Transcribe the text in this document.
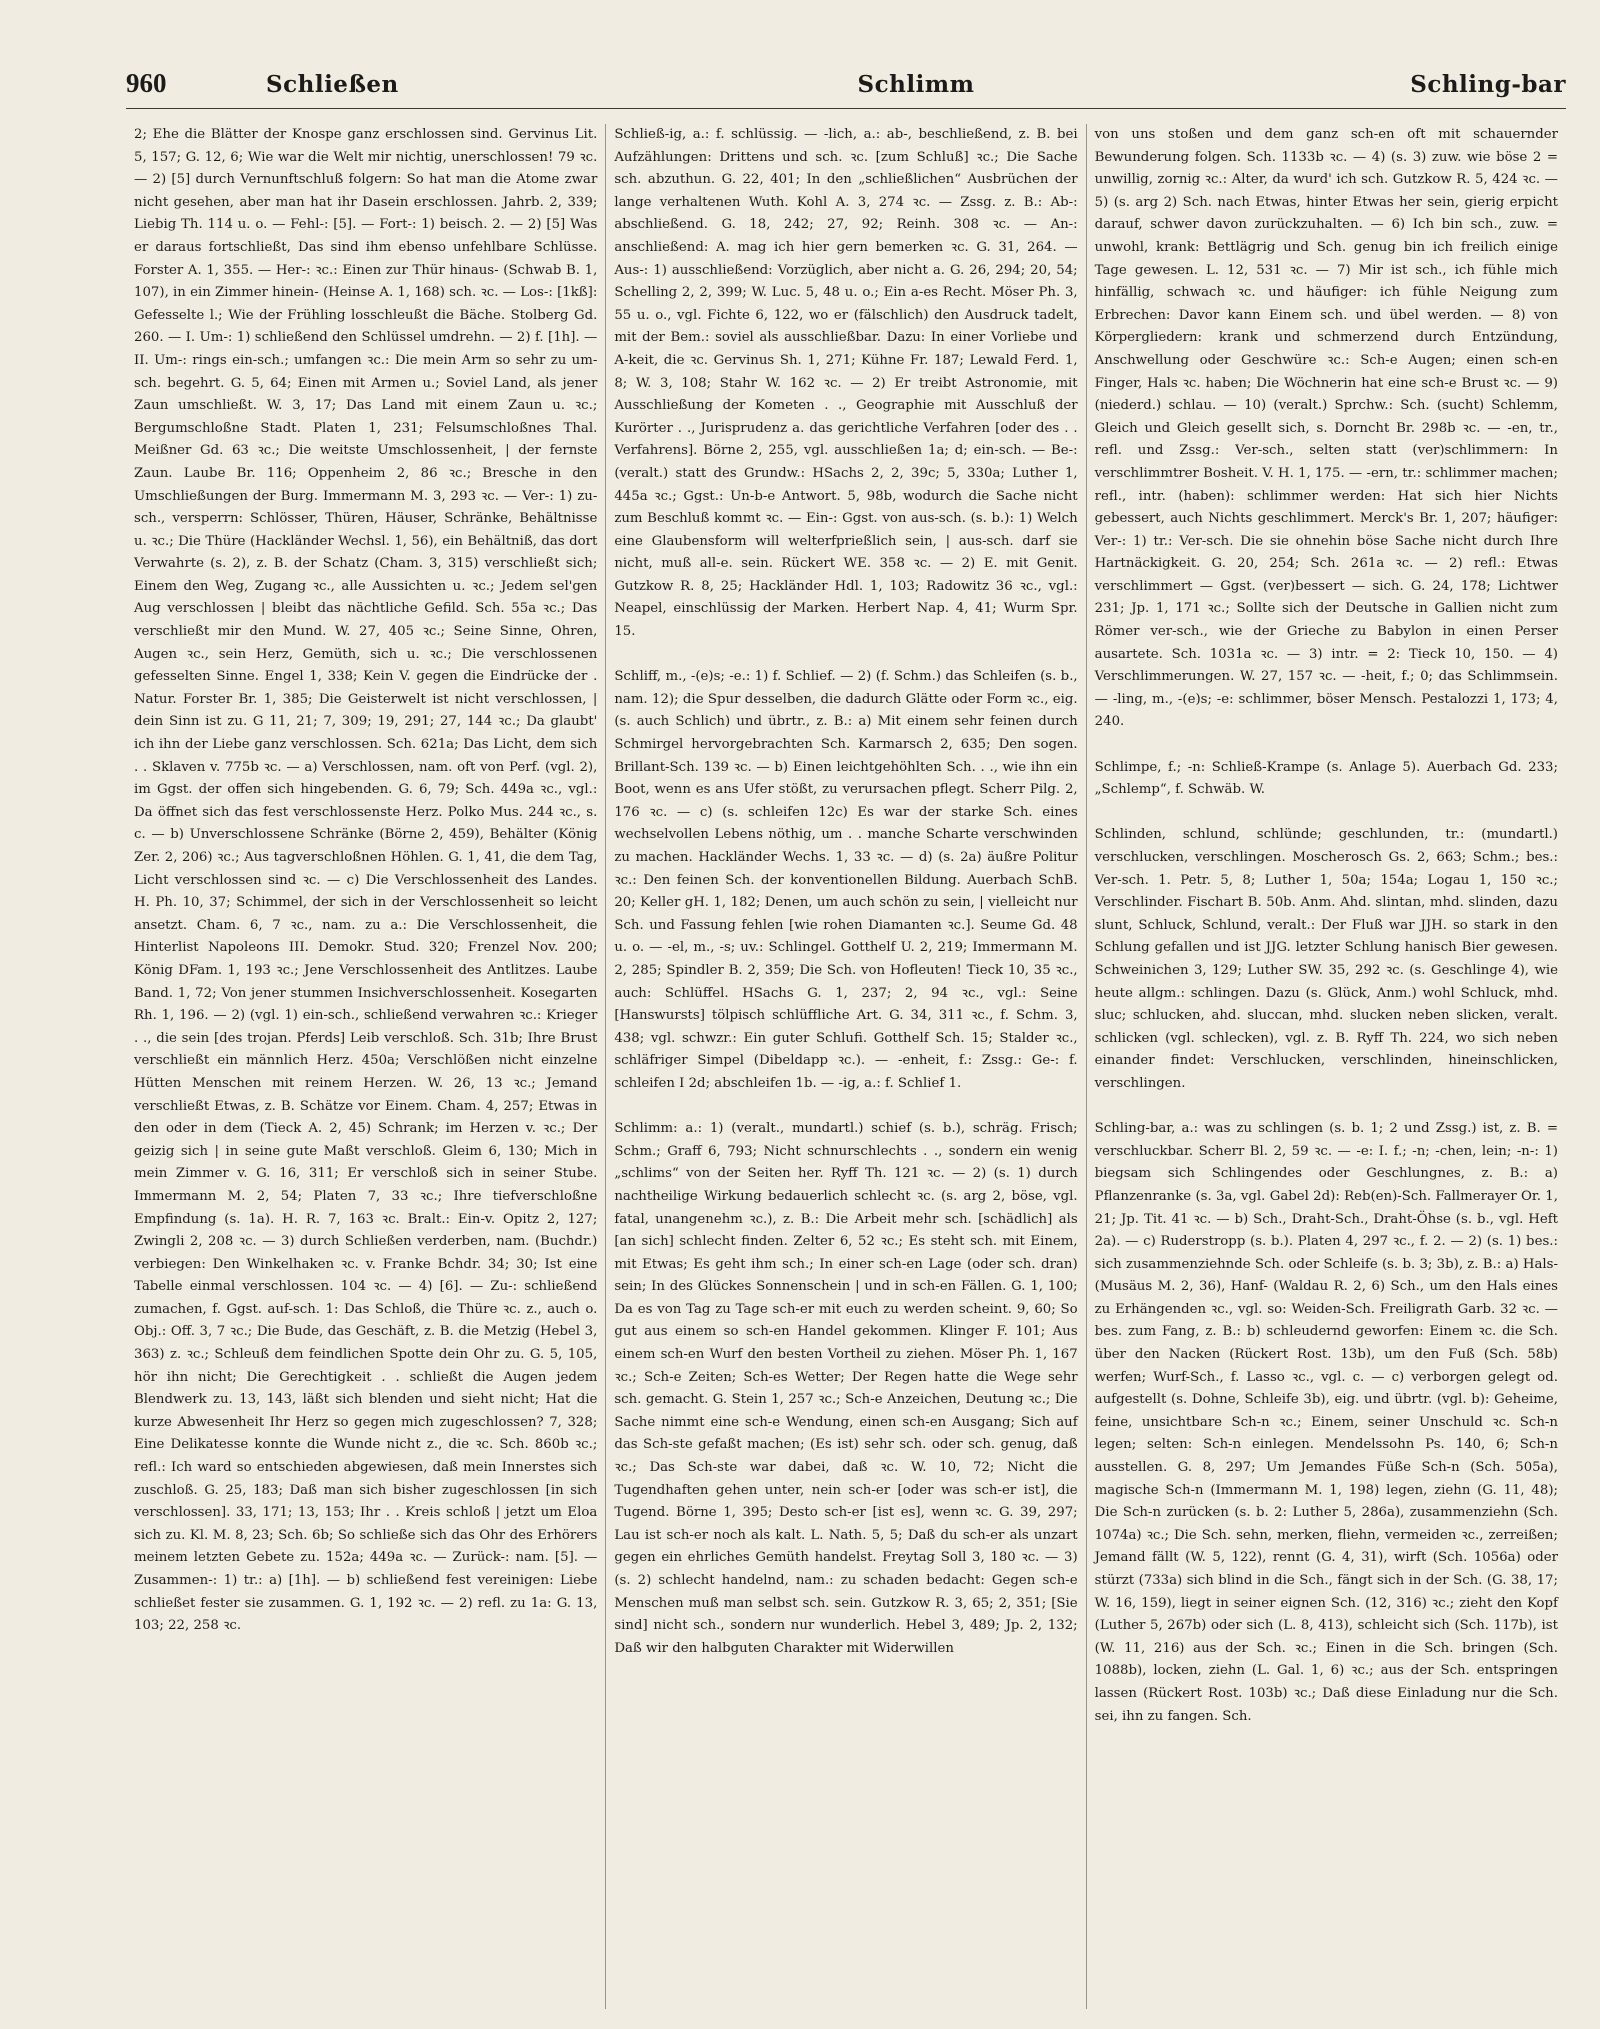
960	Schließen	Schlimm	Schling-bar

2; Ehe die Blätter der Knospe ganz erschlossen sind. Gervinus Lit. 5, 157; G. 12, 6; Wie war die Welt mir nichtig, unerschlossen! 79 ꝛc. — 2) [5] durch Vernunftschluß folgern: So hat man die Atome zwar nicht gesehen, aber man hat ihr Dasein erschlossen. Jahrb. 2, 339; Liebig Th. 114 u. o. — Fehl-: [5]. — Fort-: 1) beisch. 2. — 2) [5] Was er daraus fortschließt, Das sind ihm ebenso unfehlbare Schlüsse. Forster A. 1, 355. — Her-: ꝛc.: Einen zur Thür hinaus- (Schwab B. 1, 107), in ein Zimmer hinein- (Heinse A. 1, 168) sch. ꝛc. — Los-: [1kß]: Gefesselte l.; Wie der Frühling losschleußt die Bäche. Stolberg Gd. 260. — I. Um-: 1) schließend den Schlüssel umdrehn. — 2) f. [1h]. — II. Um-: rings ein-sch.; umfangen ꝛc.: Die mein Arm so sehr zu um-sch. begehrt. G. 5, 64; Einen mit Armen u.; Soviel Land, als jener Zaun umschließt. W. 3, 17; Das Land mit einem Zaun u. ꝛc.; Bergumschloßne Stadt. Platen 1, 231; Felsumschloßnes Thal. Meißner Gd. 63 ꝛc.; Die weitste Umschlossenheit, | der fernste Zaun. Laube Br. 116; Oppenheim 2, 86 ꝛc.; Bresche in den Umschließungen der Burg. Immermann M. 3, 293 ꝛc. — Ver-: 1) zu-sch., versperrn: Schlösser, Thüren, Häuser, Schränke, Behältnisse u. ꝛc.; Die Thüre (Hackländer Wechsl. 1, 56), ein Behältniß, das dort Verwahrte (s. 2), z. B. der Schatz (Cham. 3, 315) verschließt sich; Einem den Weg, Zugang ꝛc., alle Aussichten u. ꝛc.; Jedem sel'gen Aug verschlossen | bleibt das nächtliche Gefild. Sch. 55a ꝛc.; Das verschließt mir den Mund. W. 27, 405 ꝛc.; Seine Sinne, Ohren, Augen ꝛc., sein Herz, Gemüth, sich u. ꝛc.; Die verschlossenen gefesselten Sinne. Engel 1, 338; Kein V. gegen die Eindrücke der . Natur. Forster Br. 1, 385; Die Geisterwelt ist nicht verschlossen, | dein Sinn ist zu. G 11, 21; 7, 309; 19, 291; 27, 144 ꝛc.; Da glaubt' ich ihn der Liebe ganz verschlossen. Sch. 621a; Das Licht, dem sich . . Sklaven v. 775b ꝛc. — a) Verschlossen, nam. oft von Perf. (vgl. 2), im Ggst. der offen sich hingebenden. G. 6, 79; Sch. 449a ꝛc., vgl.: Da öffnet sich das fest verschlossenste Herz. Polko Mus. 244 ꝛc., s. c. — b) Unverschlossene Schränke (Börne 2, 459), Behälter (König Zer. 2, 206) ꝛc.; Aus tagverschloßnen Höhlen. G. 1, 41, die dem Tag, Licht verschlossen sind ꝛc. — c) Die Verschlossenheit des Landes. H. Ph. 10, 37; Schimmel, der sich in der Verschlossenheit so leicht ansetzt. Cham. 6, 7 ꝛc., nam. zu a.: Die Verschlossenheit, die Hinterlist Napoleons III. Demokr. Stud. 320; Frenzel Nov. 200; König DFam. 1, 193 ꝛc.; Jene Verschlossenheit des Antlitzes. Laube Band. 1, 72; Von jener stummen Insichverschlossenheit. Kosegarten Rh. 1, 196. — 2) (vgl. 1) ein-sch., schließend verwahren ꝛc.: Krieger . ., die sein [des trojan. Pferds] Leib verschloß. Sch. 31b; Ihre Brust verschließt ein männlich Herz. 450a; Verschlößen nicht einzelne Hütten Menschen mit reinem Herzen. W. 26, 13 ꝛc.; Jemand verschließt Etwas, z. B. Schätze vor Einem. Cham. 4, 257; Etwas in den oder in dem (Tieck A. 2, 45) Schrank; im Herzen v. ꝛc.; Der geizig sich | in seine gute Maßt verschloß. Gleim 6, 130; Mich in mein Zimmer v. G. 16, 311; Er verschloß sich in seiner Stube. Immermann M. 2, 54; Platen 7, 33 ꝛc.; Ihre tiefverschloßne Empfindung (s. 1a). H. R. 7, 163 ꝛc. Bralt.: Ein-v. Opitz 2, 127; Zwingli 2, 208 ꝛc. — 3) durch Schließen verderben, nam. (Buchdr.) verbiegen: Den Winkelhaken ꝛc. v. Franke Bchdr. 34; 30; Ist eine Tabelle einmal verschlossen. 104 ꝛc. — 4) [6]. — Zu-: schließend zumachen, f. Ggst. auf-sch. 1: Das Schloß, die Thüre ꝛc. z., auch o. Obj.: Off. 3, 7 ꝛc.; Die Bude, das Geschäft, z. B. die Metzig (Hebel 3, 363) z. ꝛc.; Schleuß dem feindlichen Spotte dein Ohr zu. G. 5, 105, hör ihn nicht; Die Gerechtigkeit . . schließt die Augen jedem Blendwerk zu. 13, 143, läßt sich blenden und sieht nicht; Hat die kurze Abwesenheit Ihr Herz so gegen mich zugeschlossen? 7, 328; Eine Delikatesse konnte die Wunde nicht z., die ꝛc. Sch. 860b ꝛc.; refl.: Ich ward so entschieden abgewiesen, daß mein Innerstes sich zuschloß. G. 25, 183; Daß man sich bisher zugeschlossen [in sich verschlossen]. 33, 171; 13, 153; Ihr . . Kreis schloß | jetzt um Eloa sich zu. Kl. M. 8, 23; Sch. 6b; So schließe sich das Ohr des Erhörers meinem letzten Gebete zu. 152a; 449a ꝛc. — Zurück-: nam. [5]. — Zusammen-: 1) tr.: a) [1h]. — b) schließend fest vereinigen: Liebe schließet fester sie zusammen. G. 1, 192 ꝛc. — 2) refl. zu 1a: G. 13, 103; 22, 258 ꝛc.

Schließ-ig, a.: f. schlüssig. — -lich, a.: ab-, beschließend, z. B. bei Aufzählungen: Drittens und sch. ꝛc. [zum Schluß] ꝛc.; Die Sache sch. abzuthun. G. 22, 401; In den „schließlichen“ Ausbrüchen der lange verhaltenen Wuth. Kohl A. 3, 274 ꝛc. — Zssg. z. B.: Ab-: abschließend. G. 18, 242; 27, 92; Reinh. 308 ꝛc. — An-: anschließend: A. mag ich hier gern bemerken ꝛc. G. 31, 264. — Aus-: 1) ausschließend: Vorzüglich, aber nicht a. G. 26, 294; 20, 54; Schelling 2, 2, 399; W. Luc. 5, 48 u. o.; Ein a-es Recht. Möser Ph. 3, 55 u. o., vgl. Fichte 6, 122, wo er (fälschlich) den Ausdruck tadelt, mit der Bem.: soviel als ausschließbar. Dazu: In einer Vorliebe und A-keit, die ꝛc. Gervinus Sh. 1, 271; Kühne Fr. 187; Lewald Ferd. 1, 8; W. 3, 108; Stahr W. 162 ꝛc. — 2) Er treibt Astronomie, mit Ausschließung der Kometen . ., Geographie mit Ausschluß der Kurörter . ., Jurisprudenz a. das gerichtliche Verfahren [oder des . . Verfahrens]. Börne 2, 255, vgl. ausschließen 1a; d; ein-sch. — Be-: (veralt.) statt des Grundw.: HSachs 2, 2, 39c; 5, 330a; Luther 1, 445a ꝛc.; Ggst.: Un-b-e Antwort. 5, 98b, wodurch die Sache nicht zum Beschluß kommt ꝛc. — Ein-: Ggst. von aus-sch. (s. b.): 1) Welch eine Glaubensform will welterfprießlich sein, | aus-sch. darf sie nicht, muß all-e. sein. Rückert WE. 358 ꝛc. — 2) E. mit Genit. Gutzkow R. 8, 25; Hackländer Hdl. 1, 103; Radowitz 36 ꝛc., vgl.: Neapel, einschlüssig der Marken. Herbert Nap. 4, 41; Wurm Spr. 15.

Schliff, m., -(e)s; -e.: 1) f. Schlief. — 2) (f. Schm.) das Schleifen (s. b., nam. 12); die Spur desselben, die dadurch Glätte oder Form ꝛc., eig. (s. auch Schlich) und übrtr., z. B.: a) Mit einem sehr feinen durch Schmirgel hervorgebrachten Sch. Karmarsch 2, 635; Den sogen. Brillant-Sch. 139 ꝛc. — b) Einen leichtgehöhlten Sch. . ., wie ihn ein Boot, wenn es ans Ufer stößt, zu verursachen pflegt. Scherr Pilg. 2, 176 ꝛc. — c) (s. schleifen 12c) Es war der starke Sch. eines wechselvollen Lebens nöthig, um . . manche Scharte verschwinden zu machen. Hackländer Wechs. 1, 33 ꝛc. — d) (s. 2a) äußre Politur ꝛc.: Den feinen Sch. der konventionellen Bildung. Auerbach SchB. 20; Keller gH. 1, 182; Denen, um auch schön zu sein, | vielleicht nur Sch. und Fassung fehlen [wie rohen Diamanten ꝛc.]. Seume Gd. 48 u. o. — -el, m., -s; uv.: Schlingel. Gotthelf U. 2, 219; Immermann M. 2, 285; Spindler B. 2, 359; Die Sch. von Hofleuten! Tieck 10, 35 ꝛc., auch: Schlüffel. HSachs G. 1, 237; 2, 94 ꝛc., vgl.: Seine [Hanswursts] tölpisch schlüffliche Art. G. 34, 311 ꝛc., f. Schm. 3, 438; vgl. schwzr.: Ein guter Schlufi. Gotthelf Sch. 15; Stalder ꝛc., schläfriger Simpel (Dibeldapp ꝛc.). — -enheit, f.: Zssg.: Ge-: f. schleifen I 2d; abschleifen 1b. — -ig, a.: f. Schlief 1.

Schlimm: a.: 1) (veralt., mundartl.) schief (s. b.), schräg. Frisch; Schm.; Graff 6, 793; Nicht schnurschlechts . ., sondern ein wenig „schlims“ von der Seiten her. Ryff Th. 121 ꝛc. — 2) (s. 1) durch nachtheilige Wirkung bedauerlich schlecht ꝛc. (s. arg 2, böse, vgl. fatal, unangenehm ꝛc.), z. B.: Die Arbeit mehr sch. [schädlich] als [an sich] schlecht finden. Zelter 6, 52 ꝛc.; Es steht sch. mit Einem, mit Etwas; Es geht ihm sch.; In einer sch-en Lage (oder sch. dran) sein; In des Glückes Sonnenschein | und in sch-en Fällen. G. 1, 100; Da es von Tag zu Tage sch-er mit euch zu werden scheint. 9, 60; So gut aus einem so sch-en Handel gekommen. Klinger F. 101; Aus einem sch-en Wurf den besten Vortheil zu ziehen. Möser Ph. 1, 167 ꝛc.; Sch-e Zeiten; Sch-es Wetter; Der Regen hatte die Wege sehr sch. gemacht. G. Stein 1, 257 ꝛc.; Sch-e Anzeichen, Deutung ꝛc.; Die Sache nimmt eine sch-e Wendung, einen sch-en Ausgang; Sich auf das Sch-ste gefaßt machen; (Es ist) sehr sch. oder sch. genug, daß ꝛc.; Das Sch-ste war dabei, daß ꝛc. W. 10, 72; Nicht die Tugendhaften gehen unter, nein sch-er [oder was sch-er ist], die Tugend. Börne 1, 395; Desto sch-er [ist es], wenn ꝛc. G. 39, 297; Lau ist sch-er noch als kalt. L. Nath. 5, 5; Daß du sch-er als unzart gegen ein ehrliches Gemüth handelst. Freytag Soll 3, 180 ꝛc. — 3) (s. 2) schlecht handelnd, nam.: zu schaden bedacht: Gegen sch-e Menschen muß man selbst sch. sein. Gutzkow R. 3, 65; 2, 351; [Sie sind] nicht sch., sondern nur wunderlich. Hebel 3, 489; Jp. 2, 132; Daß wir den halbguten Charakter mit Widerwillen

von uns stoßen und dem ganz sch-en oft mit schauernder Bewunderung folgen. Sch. 1133b ꝛc. — 4) (s. 3) zuw. wie böse 2 = unwillig, zornig ꝛc.: Alter, da wurd' ich sch. Gutzkow R. 5, 424 ꝛc. — 5) (s. arg 2) Sch. nach Etwas, hinter Etwas her sein, gierig erpicht darauf, schwer davon zurückzuhalten. — 6) Ich bin sch., zuw. = unwohl, krank: Bettlägrig und Sch. genug bin ich freilich einige Tage gewesen. L. 12, 531 ꝛc. — 7) Mir ist sch., ich fühle mich hinfällig, schwach ꝛc. und häufiger: ich fühle Neigung zum Erbrechen: Davor kann Einem sch. und übel werden. — 8) von Körpergliedern: krank und schmerzend durch Entzündung, Anschwellung oder Geschwüre ꝛc.: Sch-e Augen; einen sch-en Finger, Hals ꝛc. haben; Die Wöchnerin hat eine sch-e Brust ꝛc. — 9) (niederd.) schlau. — 10) (veralt.) Sprchw.: Sch. (sucht) Schlemm, Gleich und Gleich gesellt sich, s. Dorncht Br. 298b ꝛc. — -en, tr., refl. und Zssg.: Ver-sch., selten statt (ver)schlimmern: In verschlimmtrer Bosheit. V. H. 1, 175. — -ern, tr.: schlimmer machen; refl., intr. (haben): schlimmer werden: Hat sich hier Nichts gebessert, auch Nichts geschlimmert. Merck's Br. 1, 207; häufiger: Ver-: 1) tr.: Ver-sch. Die sie ohnehin böse Sache nicht durch Ihre Hartnäckigkeit. G. 20, 254; Sch. 261a ꝛc. — 2) refl.: Etwas verschlimmert — Ggst. (ver)bessert — sich. G. 24, 178; Lichtwer 231; Jp. 1, 171 ꝛc.; Sollte sich der Deutsche in Gallien nicht zum Römer ver-sch., wie der Grieche zu Babylon in einen Perser ausartete. Sch. 1031a ꝛc. — 3) intr. = 2: Tieck 10, 150. — 4) Verschlimmerungen. W. 27, 157 ꝛc. — -heit, f.; 0; das Schlimmsein. — -ling, m., -(e)s; -e: schlimmer, böser Mensch. Pestalozzi 1, 173; 4, 240.

Schlimpe, f.; -n: Schließ-Krampe (s. Anlage 5). Auerbach Gd. 233; „Schlemp“, f. Schwäb. W.

Schlinden, schlund, schlünde; geschlunden, tr.: (mundartl.) verschlucken, verschlingen. Moscherosch Gs. 2, 663; Schm.; bes.: Ver-sch. 1. Petr. 5, 8; Luther 1, 50a; 154a; Logau 1, 150 ꝛc.; Verschlinder. Fischart B. 50b. Anm. Ahd. slintan, mhd. slinden, dazu slunt, Schluck, Schlund, veralt.: Der Fluß war JJH. so stark in den Schlung gefallen und ist JJG. letzter Schlung hanisch Bier gewesen. Schweinichen 3, 129; Luther SW. 35, 292 ꝛc. (s. Geschlinge 4), wie heute allgm.: schlingen. Dazu (s. Glück, Anm.) wohl Schluck, mhd. sluc; schlucken, ahd. sluccan, mhd. slucken neben slicken, veralt. schlicken (vgl. schlecken), vgl. z. B. Ryff Th. 224, wo sich neben einander findet: Verschlucken, verschlinden, hineinschlicken, verschlingen.

Schling-bar, a.: was zu schlingen (s. b. 1; 2 und Zssg.) ist, z. B. = verschluckbar. Scherr Bl. 2, 59 ꝛc. — -e: I. f.; -n; -chen, lein; -n-: 1) biegsam sich Schlingendes oder Geschlungnes, z. B.: a) Pflanzenranke (s. 3a, vgl. Gabel 2d): Reb(en)-Sch. Fallmerayer Or. 1, 21; Jp. Tit. 41 ꝛc. — b) Sch., Draht-Sch., Draht-Öhse (s. b., vgl. Heft 2a). — c) Ruderstropp (s. b.). Platen 4, 297 ꝛc., f. 2. — 2) (s. 1) bes.: sich zusammenziehnde Sch. oder Schleife (s. b. 3; 3b), z. B.: a) Hals- (Musäus M. 2, 36), Hanf- (Waldau R. 2, 6) Sch., um den Hals eines zu Erhängenden ꝛc., vgl. so: Weiden-Sch. Freiligrath Garb. 32 ꝛc. — bes. zum Fang, z. B.: b) schleudernd geworfen: Einem ꝛc. die Sch. über den Nacken (Rückert Rost. 13b), um den Fuß (Sch. 58b) werfen; Wurf-Sch., f. Lasso ꝛc., vgl. c. — c) verborgen gelegt od. aufgestellt (s. Dohne, Schleife 3b), eig. und übrtr. (vgl. b): Geheime, feine, unsichtbare Sch-n ꝛc.; Einem, seiner Unschuld ꝛc. Sch-n legen; selten: Sch-n einlegen. Mendelssohn Ps. 140, 6; Sch-n ausstellen. G. 8, 297; Um Jemandes Füße Sch-n (Sch. 505a), magische Sch-n (Immermann M. 1, 198) legen, ziehn (G. 11, 48); Die Sch-n zurücken (s. b. 2: Luther 5, 286a), zusammenziehn (Sch. 1074a) ꝛc.; Die Sch. sehn, merken, fliehn, vermeiden ꝛc., zerreißen; Jemand fällt (W. 5, 122), rennt (G. 4, 31), wirft (Sch. 1056a) oder stürzt (733a) sich blind in die Sch., fängt sich in der Sch. (G. 38, 17; W. 16, 159), liegt in seiner eignen Sch. (12, 316) ꝛc.; zieht den Kopf (Luther 5, 267b) oder sich (L. 8, 413), schleicht sich (Sch. 117b), ist (W. 11, 216) aus der Sch. ꝛc.; Einen in die Sch. bringen (Sch. 1088b), locken, ziehn (L. Gal. 1, 6) ꝛc.; aus der Sch. entspringen lassen (Rückert Rost. 103b) ꝛc.; Daß diese Einladung nur die Sch. sei, ihn zu fangen. Sch.
